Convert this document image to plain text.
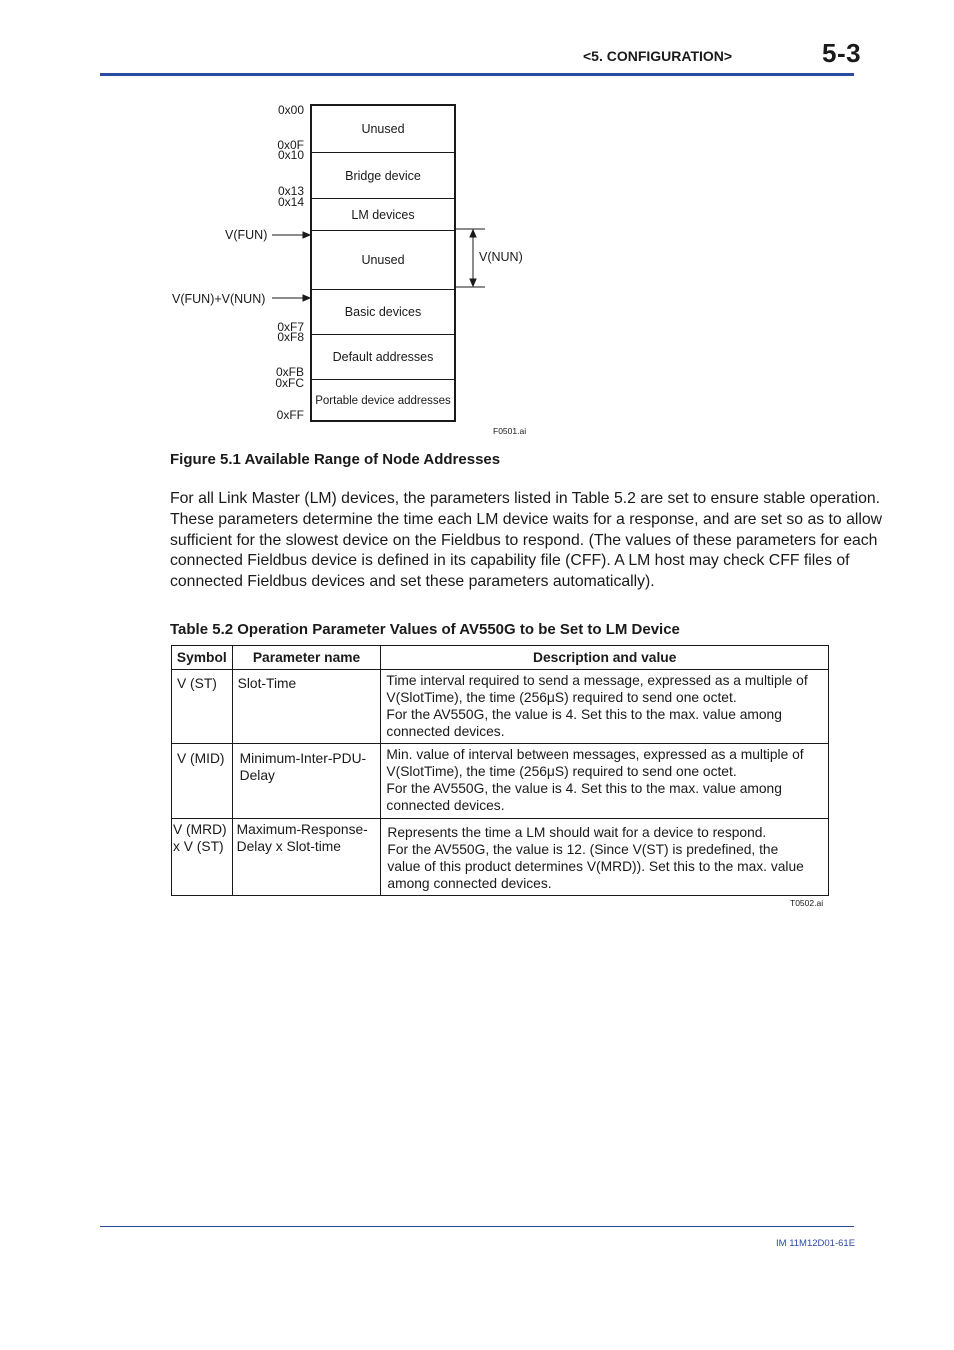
<5. CONFIGURATION>	5-3
Unused
Bridge device
LM devices
Unused
Basic devices
Default addresses
Portable device addresses
0x00
0x0F
0x10
0x13
0x14
0xF7
0xF8
0xFB
0xFC
0xFF
V(FUN)
V(FUN)+V(NUN)
V(NUN)
F0501.ai
Figure 5.1 Available Range of Node Addresses

For all Link Master (LM) devices, the parameters listed in Table 5.2 are set to ensure stable operation.

These parameters determine the time each LM device waits for a response, and are set so as to allow

sufficient for the slowest device on the Fieldbus to respond. (The values of these parameters for each

connected Fieldbus device is defined in its capability file (CFF). A LM host may check CFF files of

connected Fieldbus devices and set these parameters automatically).

Table 5.2 Operation Parameter Values of AV550G to be Set to LM Device
Symbol	Parameter name	Description and value

V (ST)	Slot-Time	Time interval required to send a message, expressed as a multiple of
V(SlotTime), the time (256μS) required to send one octet.
For the AV550G, the value is 4. Set this to the max. value among
connected devices.

V (MID)	Minimum-Inter-PDU-
Delay	Min. value of interval between messages, expressed as a multiple of
V(SlotTime), the time (256μS) required to send one octet.
For the AV550G, the value is 4. Set this to the max. value among
connected devices.

V (MRD)
x V (ST)	Maximum-Response-
Delay x Slot-time	Represents the time a LM should wait for a device to respond.
For the AV550G, the value is 12. (Since V(ST) is predefined, the
value of this product determines V(MRD)). Set this to the max. value
among connected devices.
T0502.ai
IM 11M12D01-61E
